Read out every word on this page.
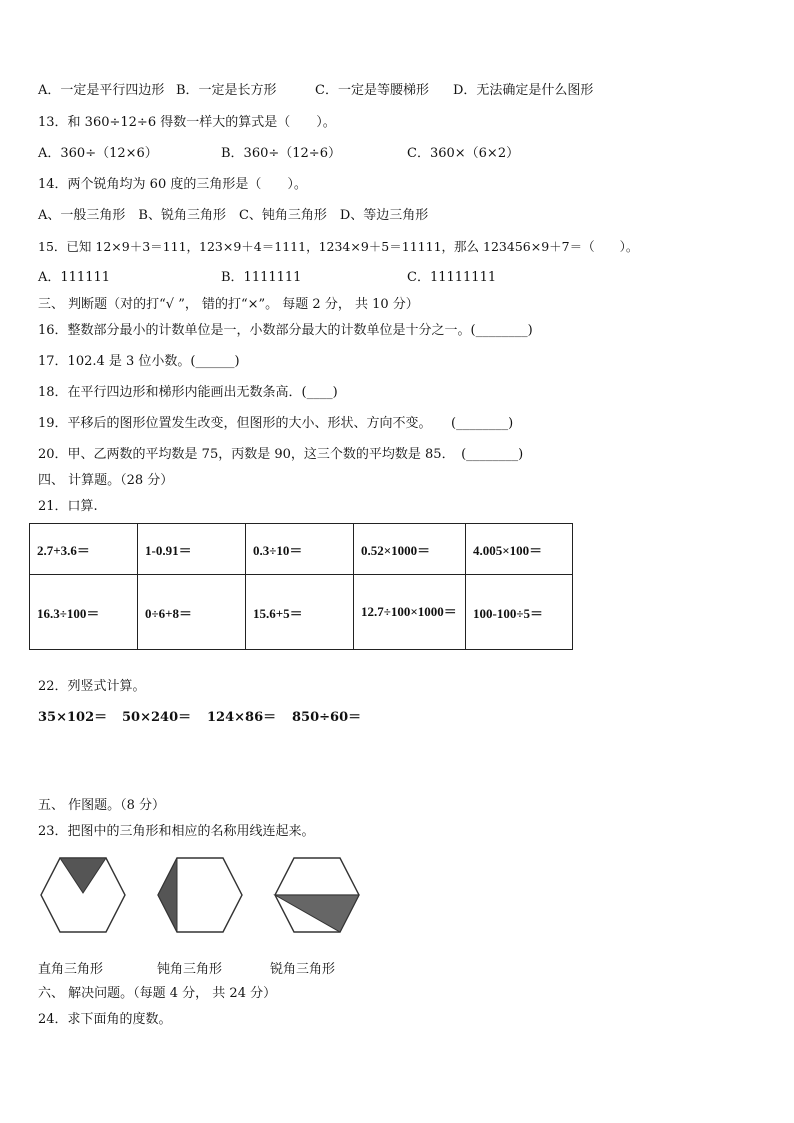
A．一定是平行四边形 B．一定是长方形	C．一定是等腰梯形 D．无法确定是什么图形
13．和 360÷12÷6 得数一样大的算式是（　　）。
A．360÷（12×6）	B．360÷（12÷6）	C．360×（6×2）
14．两个锐角均为 60 度的三角形是（　　）。
A、一般三角形　B、锐角三角形　C、钝角三角形　D、等边三角形
15．已知 12×9＋3＝111，123×9＋4＝1111，1234×9＋5＝11111，那么 123456×9＋7＝（　　）。
A．111111	B．1111111	C．11111111
三、 判断题（对的打“√ ”， 错的打“×”。 每题 2 分， 共 10 分）
16．整数部分最小的计数单位是一，小数部分最大的计数单位是十分之一。(________)
17．102.4 是 3 位小数。(______)
18．在平行四边形和梯形内能画出无数条高．(____)
19．平移后的图形位置发生改变，但图形的大小、形状、方向不变。　　(________)
20．甲、乙两数的平均数是 75，丙数是 90，这三个数的平均数是 85．　(________)
四、 计算题。（28 分）
21．口算.
2.7+3.6＝	1-0.91＝	0.3÷10＝	0.52×1000＝	4.005×100＝
16.3÷100＝	0÷6+8＝	15.6+5＝	12.7÷100×1000＝	100-100÷5＝
22．列竖式计算。
35×102＝ 50×240＝ 124×86＝ 850÷60＝
五、 作图题。（8 分）
23．把图中的三角形和相应的名称用线连起来。
直角三角形	钝角三角形	锐角三角形
六、 解决问题。（每题 4 分， 共 24 分）
24．求下面角的度数。
